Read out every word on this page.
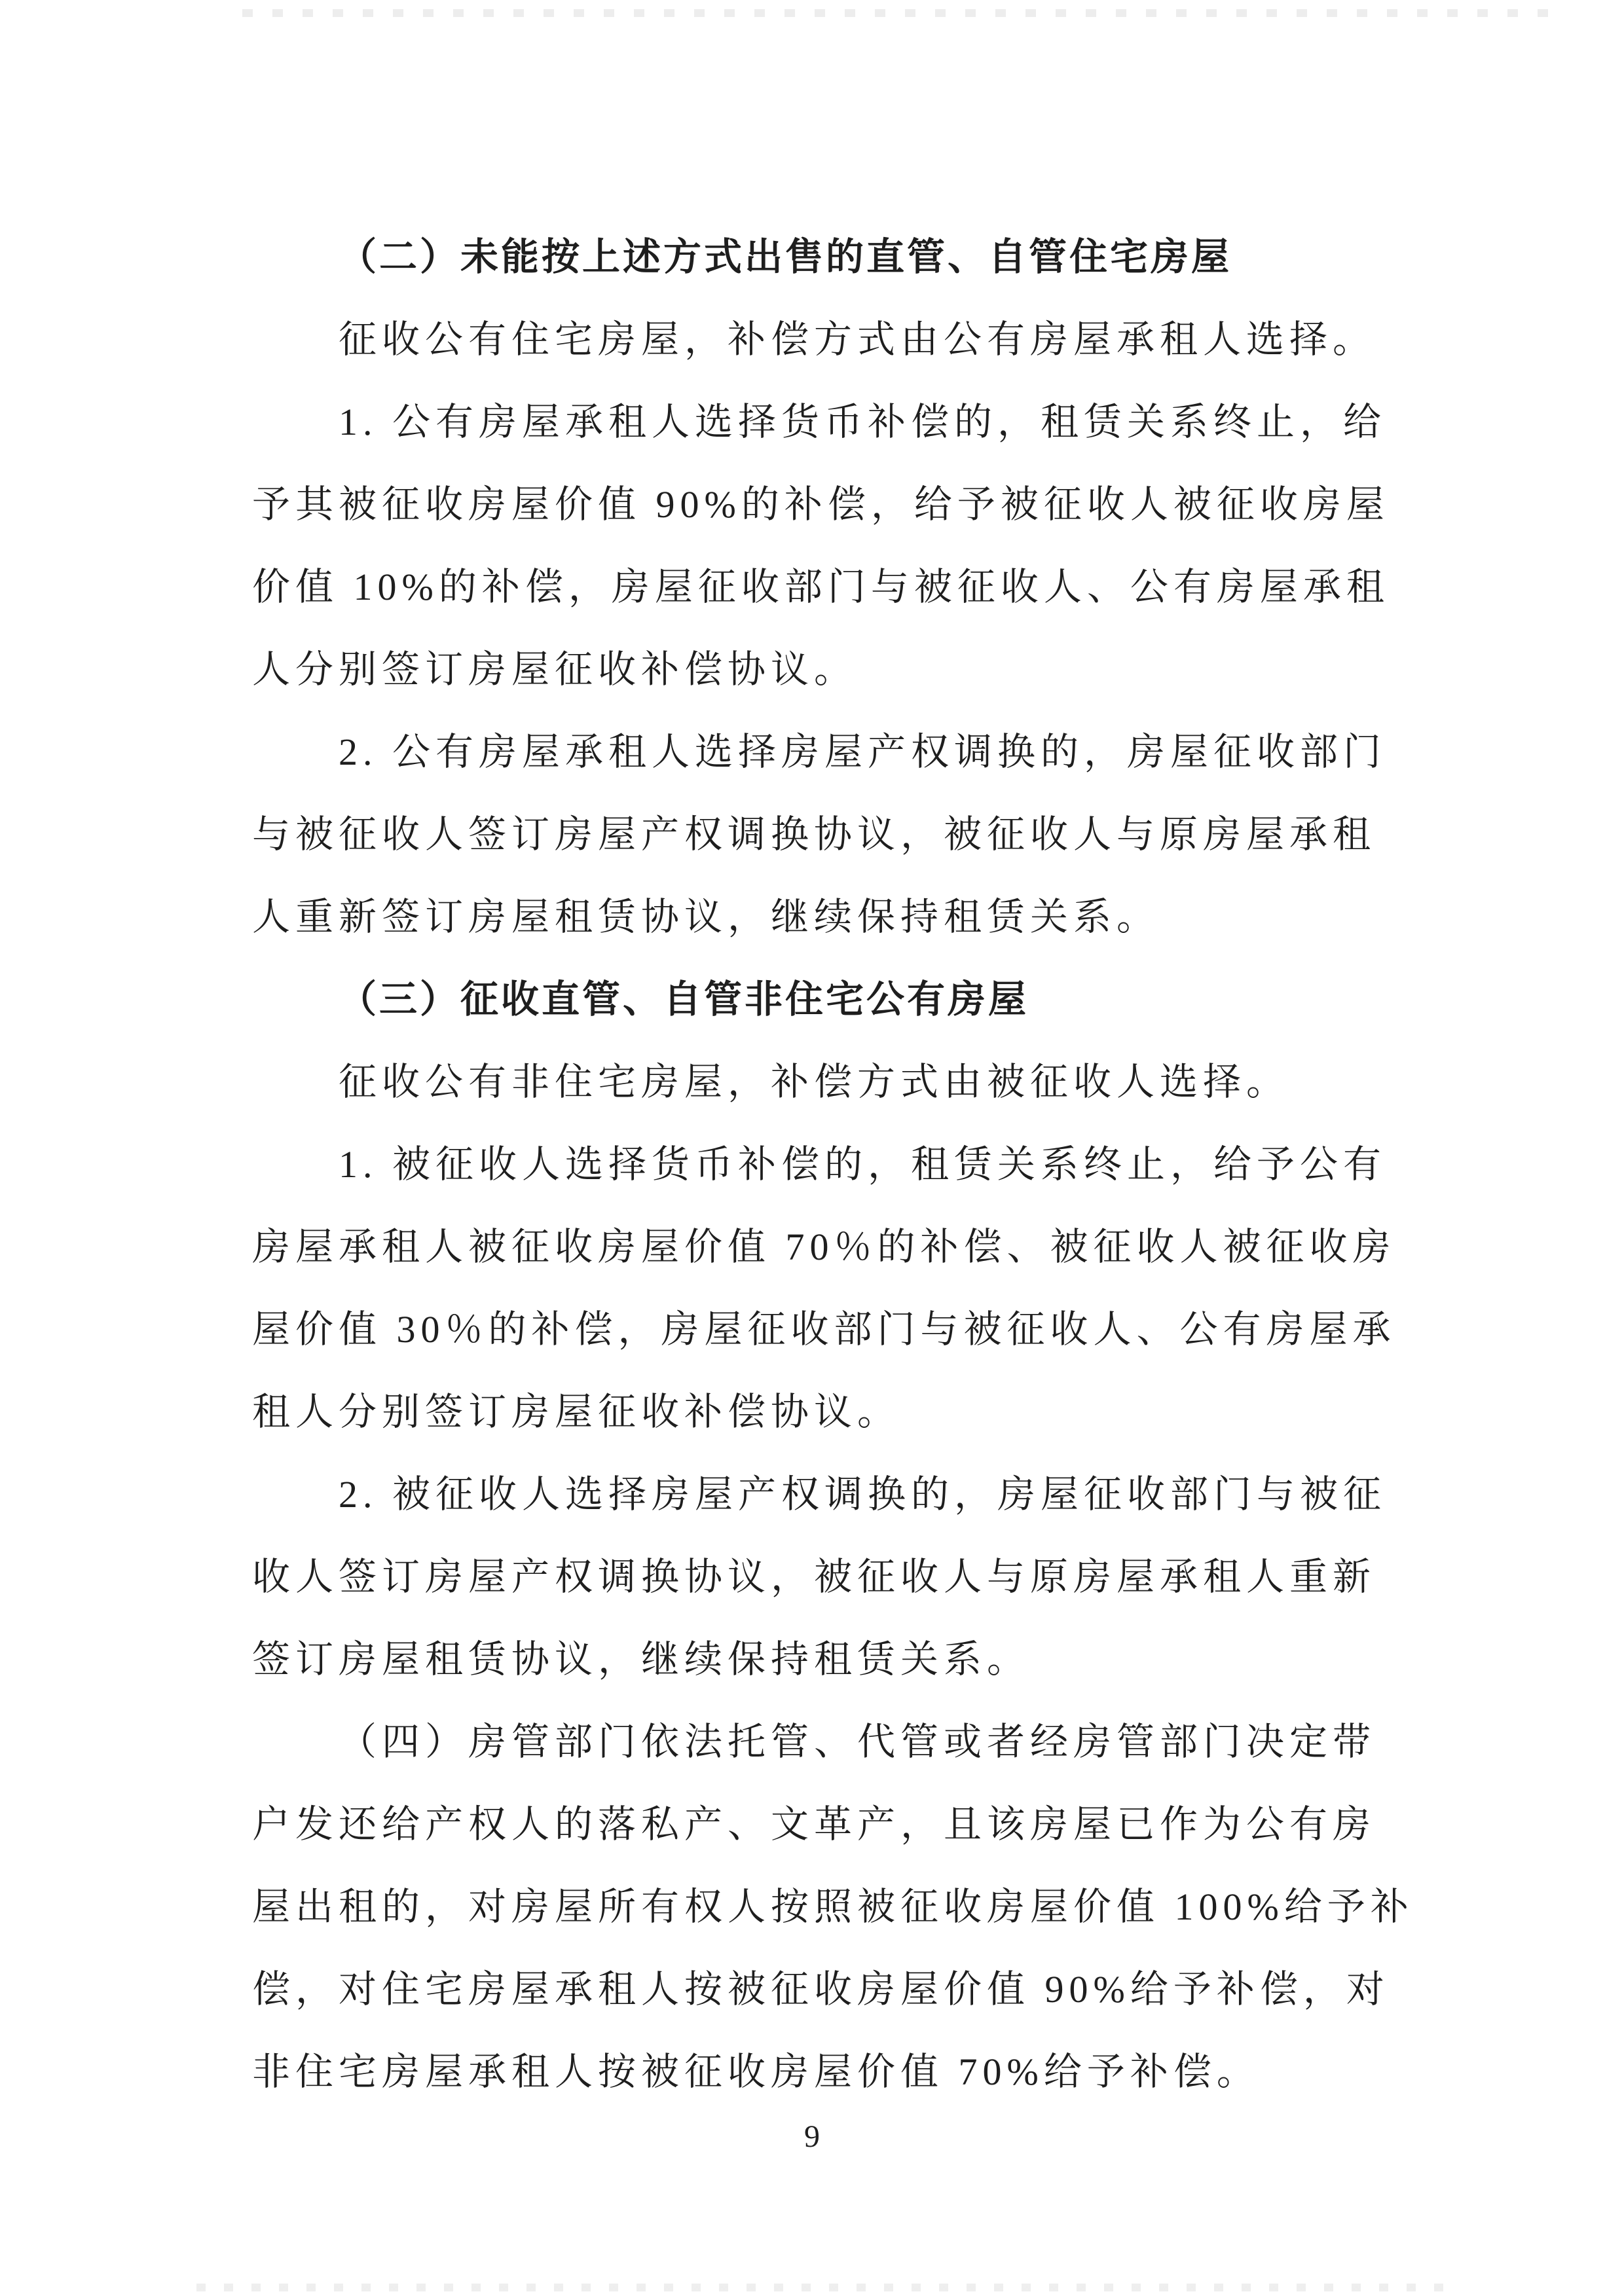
（二）未能按上述方式出售的直管、自管住宅房屋
征收公有住宅房屋，补偿方式由公有房屋承租人选择。
1. 公有房屋承租人选择货币补偿的，租赁关系终止，给
予其被征收房屋价值 90%的补偿，给予被征收人被征收房屋
价值 10%的补偿，房屋征收部门与被征收人、公有房屋承租
人分别签订房屋征收补偿协议。
2. 公有房屋承租人选择房屋产权调换的，房屋征收部门
与被征收人签订房屋产权调换协议，被征收人与原房屋承租
人重新签订房屋租赁协议，继续保持租赁关系。
（三）征收直管、自管非住宅公有房屋
征收公有非住宅房屋，补偿方式由被征收人选择。
1. 被征收人选择货币补偿的，租赁关系终止，给予公有
房屋承租人被征收房屋价值 70％的补偿、被征收人被征收房
屋价值 30％的补偿，房屋征收部门与被征收人、公有房屋承
租人分别签订房屋征收补偿协议。
2. 被征收人选择房屋产权调换的，房屋征收部门与被征
收人签订房屋产权调换协议，被征收人与原房屋承租人重新
签订房屋租赁协议，继续保持租赁关系。
（四）房管部门依法托管、代管或者经房管部门决定带
户发还给产权人的落私产、文革产，且该房屋已作为公有房
屋出租的，对房屋所有权人按照被征收房屋价值 100%给予补
偿，对住宅房屋承租人按被征收房屋价值 90%给予补偿，对
非住宅房屋承租人按被征收房屋价值 70%给予补偿。
9
